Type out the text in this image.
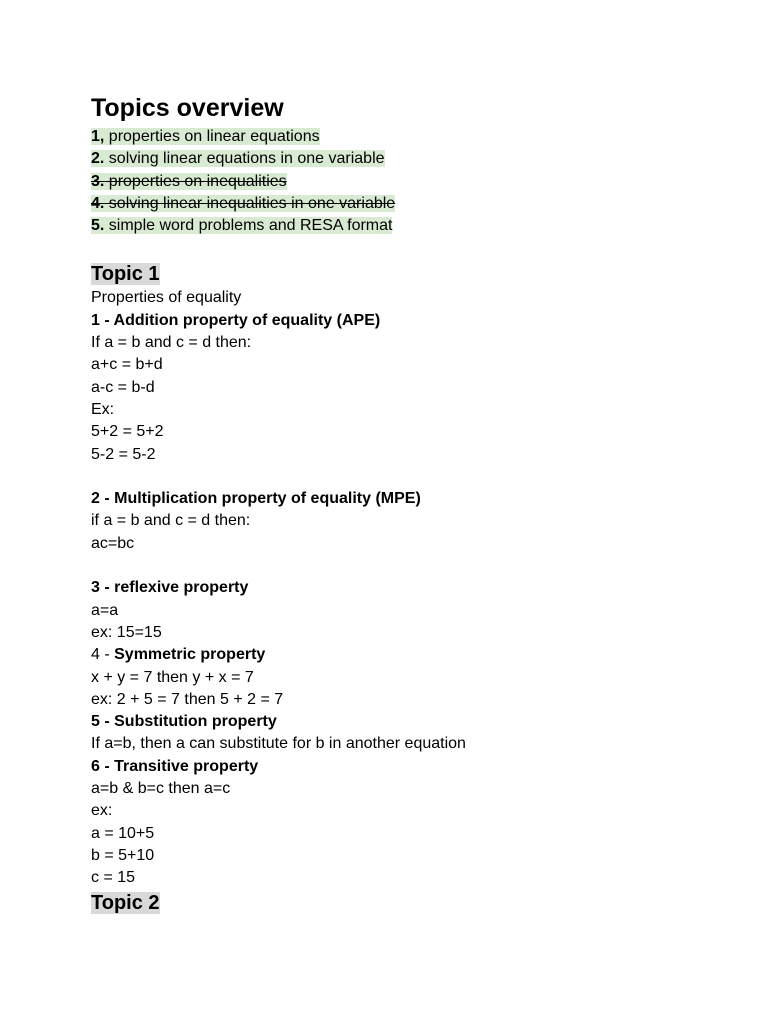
Topics overview
1, properties on linear equations
2. solving linear equations in one variable
3. properties on inequalities
4. solving linear inequalities in one variable
5. simple word problems and RESA format
Topic 1
Properties of equality
1 - Addition property of equality (APE)
If a = b and c = d then:
a+c = b+d
a-c = b-d
Ex:
5+2 = 5+2
5-2 = 5-2
2 - Multiplication property of equality (MPE)
if a = b and c = d then:
ac=bc
3 - reflexive property
a=a
ex: 15=15
4 - Symmetric property
x + y = 7 then y + x = 7
ex: 2 + 5 = 7 then 5 + 2 = 7
5 - Substitution property
If a=b, then a can substitute for b in another equation
6 - Transitive property
a=b & b=c then a=c
ex:
a = 10+5
b = 5+10
c = 15
Topic 2
